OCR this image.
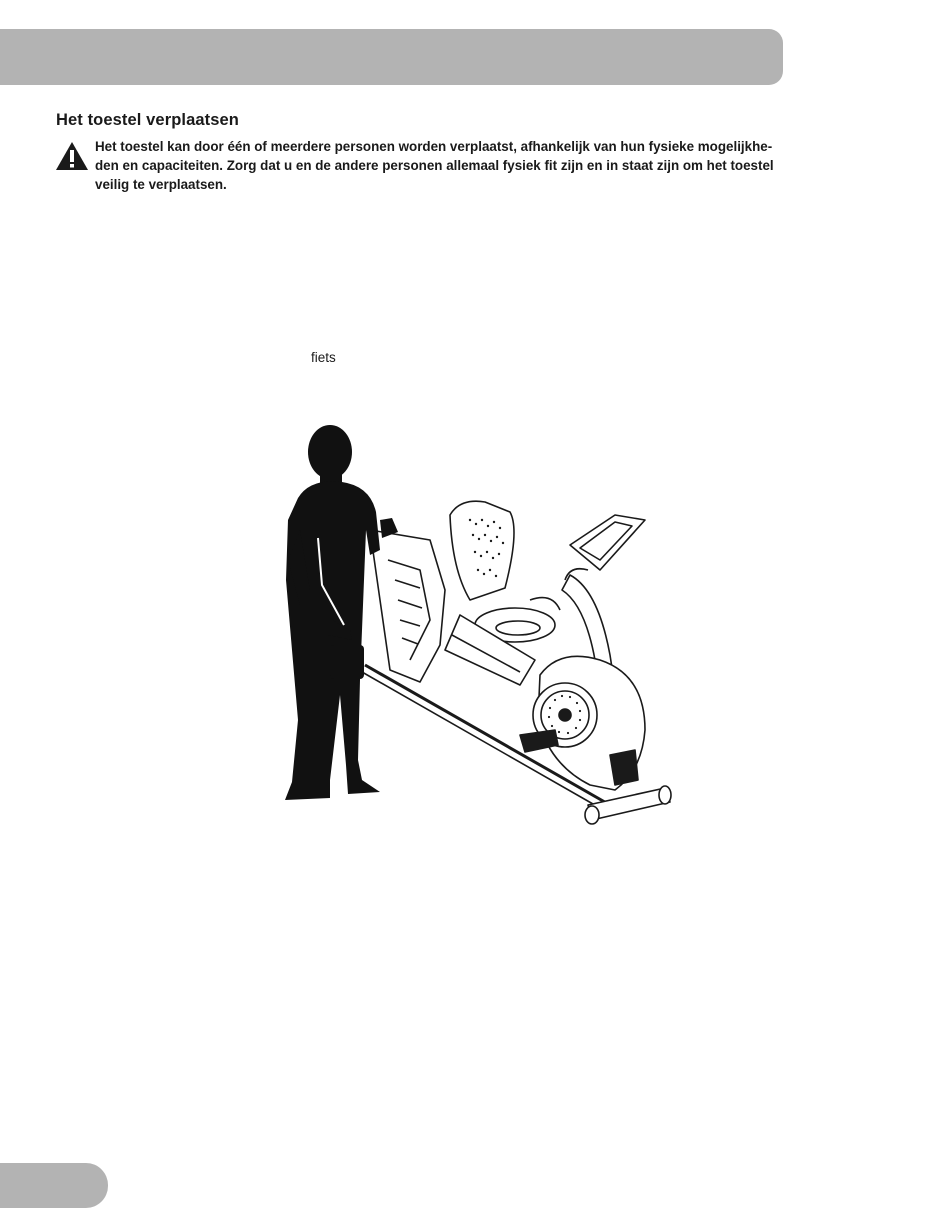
Het toestel verplaatsen

Het toestel kan door één of meerdere personen worden verplaatst, afhankelijk van hun fysieke mogelijkhe-
den en capaciteiten. Zorg dat u en de andere personen allemaal fysiek fit zijn en in staat zijn om het toestel
veilig te verplaatsen.

fiets
